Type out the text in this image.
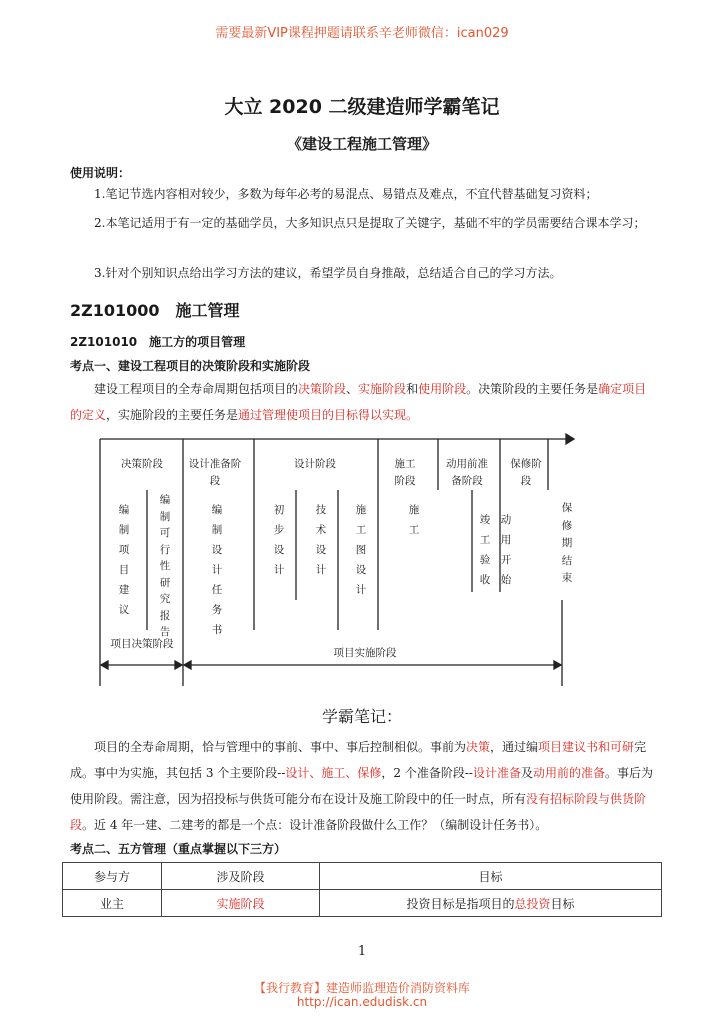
需要最新VIP课程押题请联系辛老师微信：ican029
大立 2020 二级建造师学霸笔记
《建设工程施工管理》
使用说明：
1.笔记节选内容相对较少，多数为每年必考的易混点、易错点及难点，不宜代替基础复习资料；
2.本笔记适用于有一定的基础学员，大多知识点只是提取了关键字，基础不牢的学员需要结合课本学习；
3.针对个别知识点给出学习方法的建议，希望学员自身推敲，总结适合自己的学习方法。
2Z101000　施工管理
2Z101010　施工方的项目管理
考点一、建设工程项目的决策阶段和实施阶段
建设工程项目的全寿命周期包括项目的决策阶段、实施阶段和使用阶段。决策阶段的主要任务是确定项目的定义，实施阶段的主要任务是通过管理使项目的目标得以实现。
决策阶段	设计准备阶段
设计阶段	施工阶段
动用前准备阶段
保修阶段
编制项目建议
编制可行性研究报告
编制设计任务书
初步设计
技术设计
施工图设计
施工
竣工验收
动用开始
保修期结束
项目决策阶段
项目实施阶段
学霸笔记：
项目的全寿命周期，恰与管理中的事前、事中、事后控制相似。事前为决策，通过编项目建议书和可研完成。事中为实施，其包括 3 个主要阶段--设计、施工、保修，2 个准备阶段--设计准备及动用前的准备。事后为使用阶段。需注意，因为招投标与供货可能分布在设计及施工阶段中的任一时点，所有没有招标阶段与供货阶段。近 4 年一建、二建考的都是一个点：设计准备阶段做什么工作？（编制设计任务书）。
考点二、五方管理（重点掌握以下三方）
参与方	涉及阶段	目标
业主	实施阶段	投资目标是指项目的总投资目标
1
【我行教育】建造师监理造价消防资料库
http://ican.edudisk.cn
